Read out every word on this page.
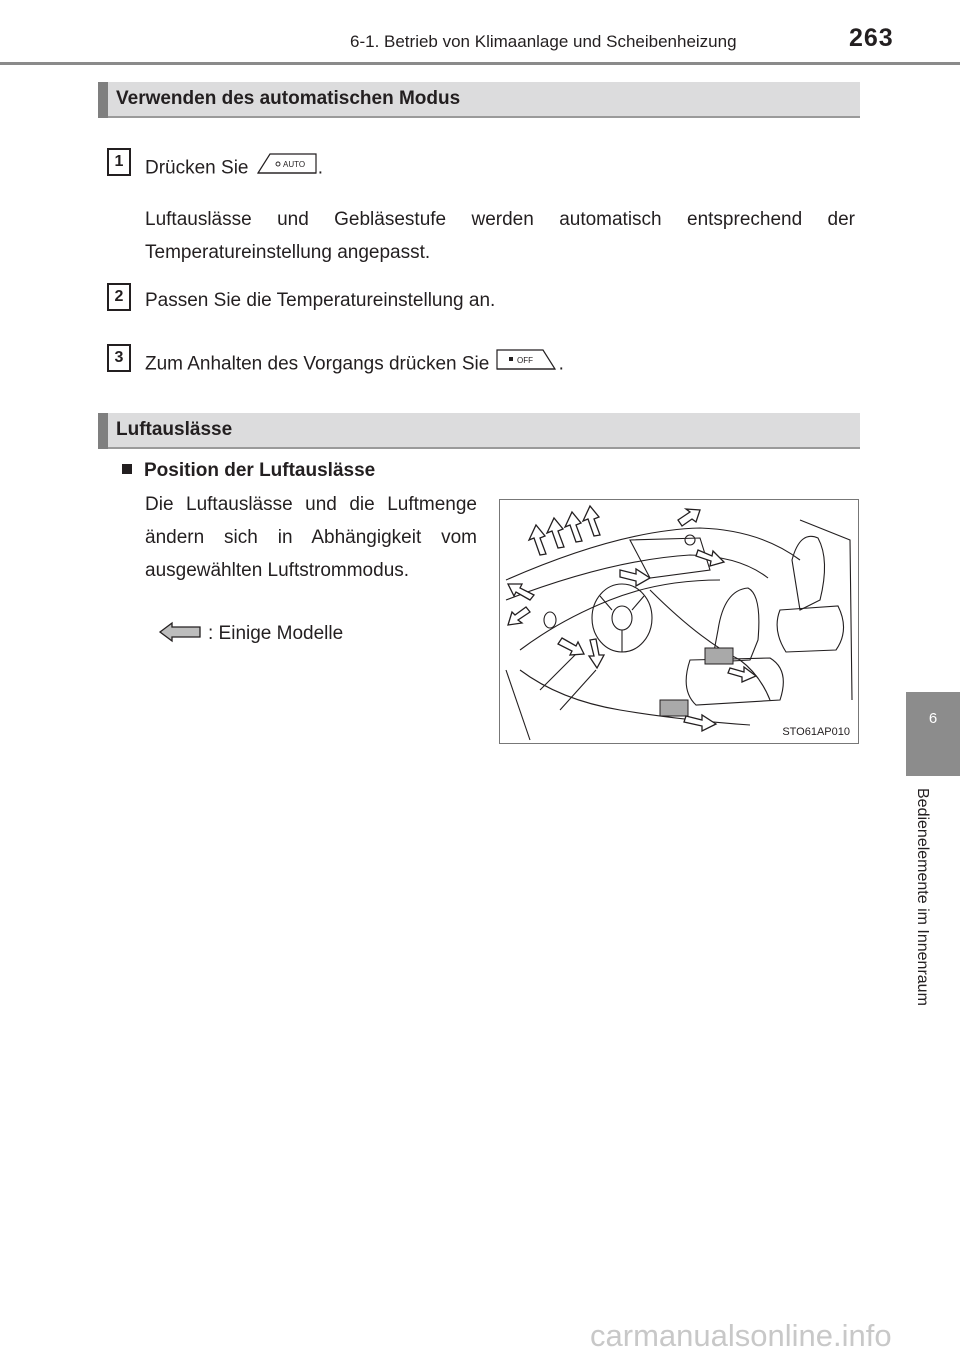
6-1. Betrieb von Klimaanlage und Scheibenheizung	263
6
Bedienelemente im Innenraum
Verwenden des automatischen Modus
1	Drücken Sie	AUTO .
Luftauslässe und Gebläsestufe werden automatisch entsprechend der Temperatureinstellung angepasst.
2	Passen Sie die Temperatureinstellung an.
3	Zum Anhalten des Vorgangs drücken Sie	OFF .
Luftauslässe
Position der Luftauslässe
Die Luftauslässe und die Luftmenge ändern sich in Abhängigkeit vom ausgewählten Luftstrommodus.
: Einige Modelle
STO61AP010
carmanualsonline.info
